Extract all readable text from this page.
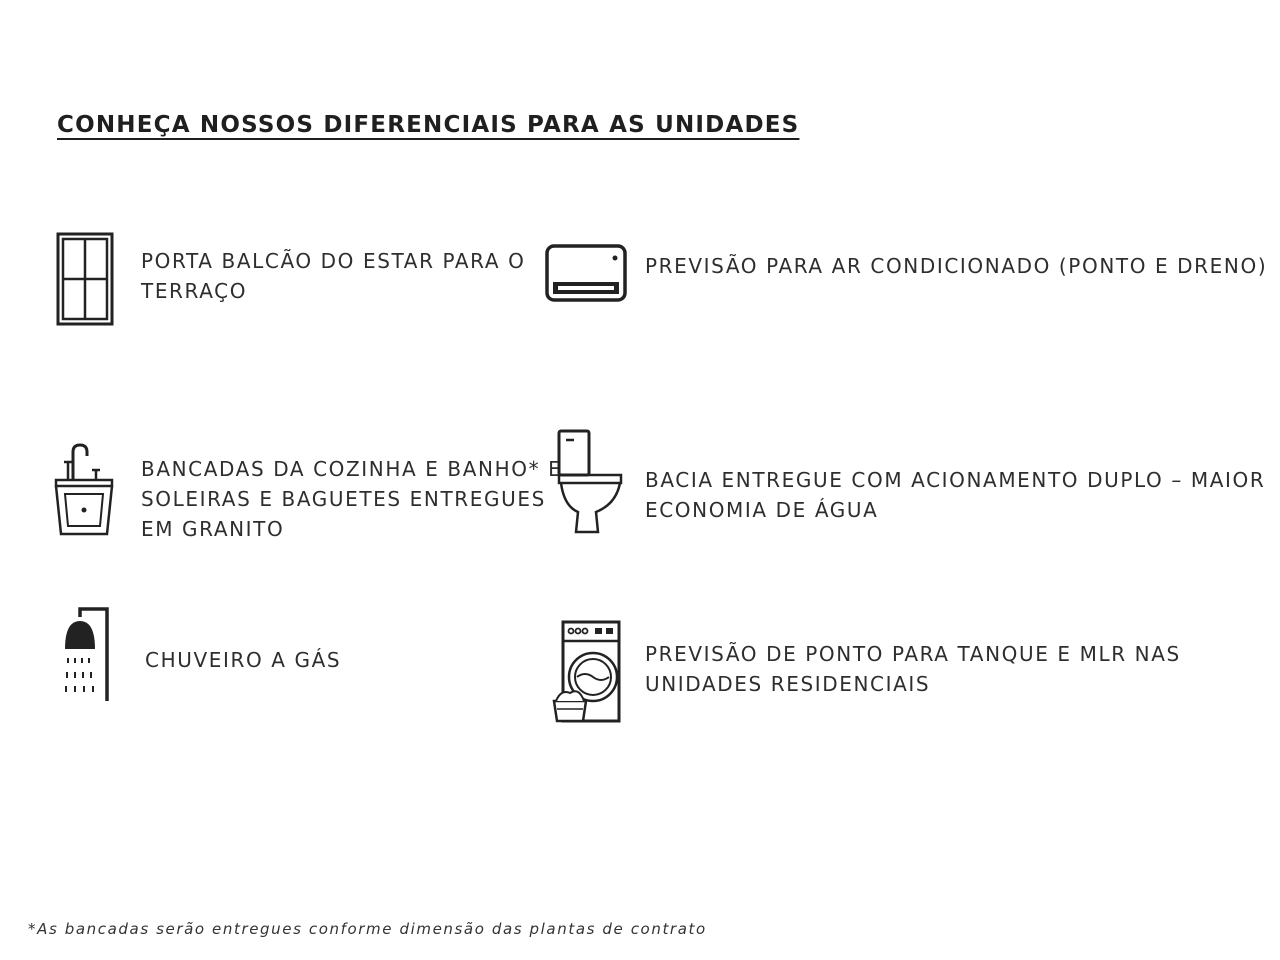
CONHEÇA NOSSOS DIFERENCIAIS PARA AS UNIDADES
PORTA BALCÃO DO ESTAR PARA O
TERRAÇO
PREVISÃO PARA AR CONDICIONADO (PONTO E DRENO)
BANCADAS DA COZINHA E BANHO* E
SOLEIRAS E BAGUETES ENTREGUES
EM GRANITO
BACIA ENTREGUE COM ACIONAMENTO DUPLO – MAIOR
ECONOMIA DE ÁGUA
CHUVEIRO A GÁS	PREVISÃO DE PONTO PARA TANQUE E MLR NAS
UNIDADES RESIDENCIAIS
*As bancadas serão entregues conforme dimensão das plantas de contrato
